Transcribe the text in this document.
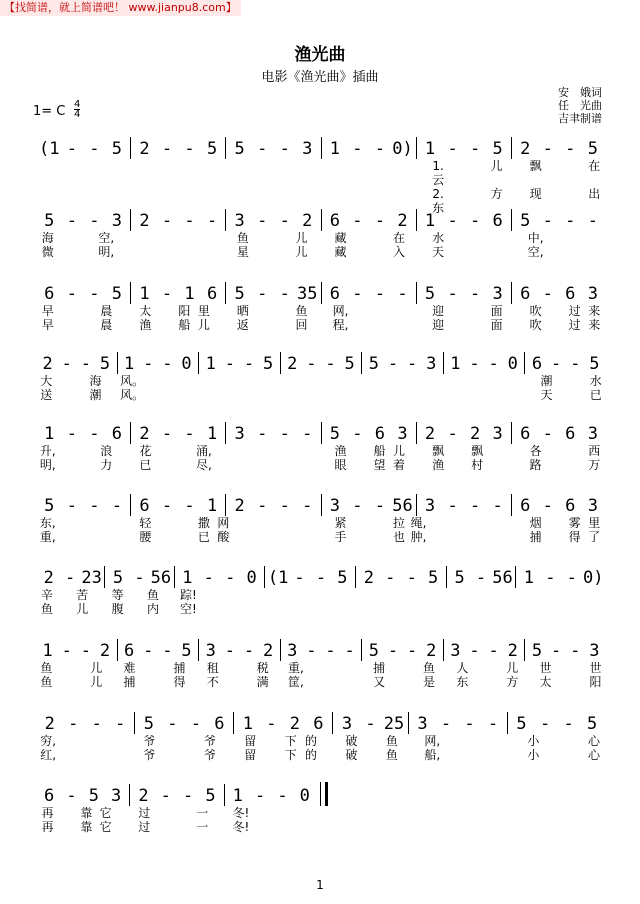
【找简谱，就上简谱吧！ www.jianpu8.com】
渔光曲
电影《渔光曲》插曲
安　娥词
任　光曲
吉聿制谱
1= C $\frac{4}{4}$
(1 - - 5	2 - - 5	5 - - 3	1 - - 0) 1 - - 5	2 - - 5
1.云
儿	飘	在
2.东
方	现	出
5 - - 3	2 - - -	3 - - 2	6 - - 2	1 - - 6	5 - - -
海	空,	鱼	儿	藏	在	水	中,
微	明,	星	儿	藏	入	天	空,
6 - - 5	1 - 1 6	5 - - 35 6 - - -	5 - - 3	6 - 6 3
早	晨	太	阳 里	晒	鱼	网,	迎	面	吹	过 来
早	晨	渔	船 儿	返	回	程,	迎	面	吹	过 来
2 - - 5 1 - - 0 1 - - 5 2 - - 5 5 - - 3 1 - - 0 6 - - 5
大	海 风。	潮	水
送	潮 风。	天	已
1 - - 6	2 - - 1	3 - - -	5 - 6 3	2 - 2 3	6 - 6 3
升,	浪	花	涌,	渔	船 儿	飘	飘	各	西
明,	力	已	尽,	眼	望 着	渔	村	路	万
5 - - -	6 - - 1	2 - - -	3 - - 56 3 - - -	6 - 6 3
东,	轻	撒 网	紧	拉 绳,	烟	雾 里
重,	腰	已 酸	手	也 肿,	捕	得 了
2 - 23 5 - 56 1 - - 0 (1 - - 5 2 - - 5 5 - 56 1 - - 0)
辛 苦 等 鱼 踪!
鱼 儿 腹 内 空!
1 - - 2 6 - - 5 3 - - 2 3 - - - 5 - - 2 3 - - 2 5 - - 3
鱼	儿 难	捕 租	税 重,	捕	鱼 人	儿 世	世
鱼	儿 捕	得 不	满 筐,	又	是 东	方 太	阳
2 - - -	5 - - 6	1 - 2 6	3 - 25 3 - - -	5 - - 5
穷,	爷	爷	留	下 的	破	鱼	网,	小	心
红,	爷	爷	留	下 的	破	鱼	船,	小	心
6 - 5 3	2 - - 5	1 - - 0
再	靠 它	过	一	冬!
再	靠 它	过	一	冬!
1
